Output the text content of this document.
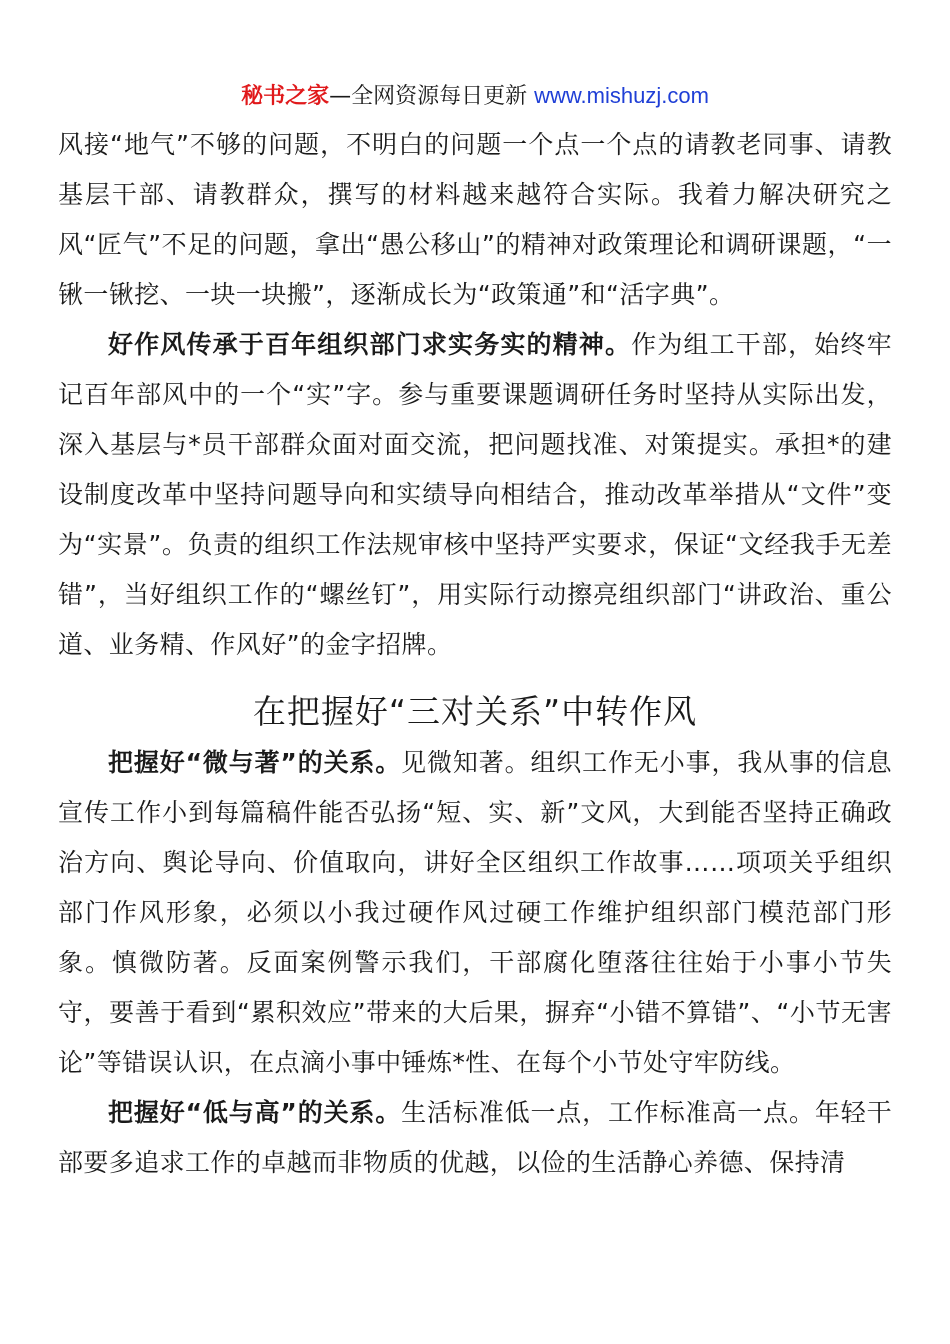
秘书之家—全网资源每日更新 www.mishuzj.com

风接“地气”不够的问题，不明白的问题一个点一个点的请教老同事、请教基层干部、请教群众，撰写的材料越来越符合实际。我着力解决研究之风“匠气”不足的问题，拿出“愚公移山”的精神对政策理论和调研课题，“一锹一锹挖、一块一块搬”，逐渐成长为“政策通”和“活字典”。

好作风传承于百年组织部门求实务实的精神。作为组工干部，始终牢记百年部风中的一个“实”字。参与重要课题调研任务时坚持从实际出发，深入基层与*员干部群众面对面交流，把问题找准、对策提实。承担*的建设制度改革中坚持问题导向和实绩导向相结合，推动改革举措从“文件”变为“实景”。负责的组织工作法规审核中坚持严实要求，保证“文经我手无差错”，当好组织工作的“螺丝钉”，用实际行动擦亮组织部门“讲政治、重公道、业务精、作风好”的金字招牌。

在把握好“三对关系”中转作风

把握好“微与著”的关系。见微知著。组织工作无小事，我从事的信息宣传工作小到每篇稿件能否弘扬“短、实、新”文风，大到能否坚持正确政治方向、舆论导向、价值取向，讲好全区组织工作故事……项项关乎组织部门作风形象，必须以小我过硬作风过硬工作维护组织部门模范部门形象。慎微防著。反面案例警示我们，干部腐化堕落往往始于小事小节失守，要善于看到“累积效应”带来的大后果，摒弃“小错不算错”、“小节无害论”等错误认识，在点滴小事中锤炼*性、在每个小节处守牢防线。

把握好“低与高”的关系。生活标准低一点，工作标准高一点。年轻干部要多追求工作的卓越而非物质的优越，以俭的生活静心养德、保持清
